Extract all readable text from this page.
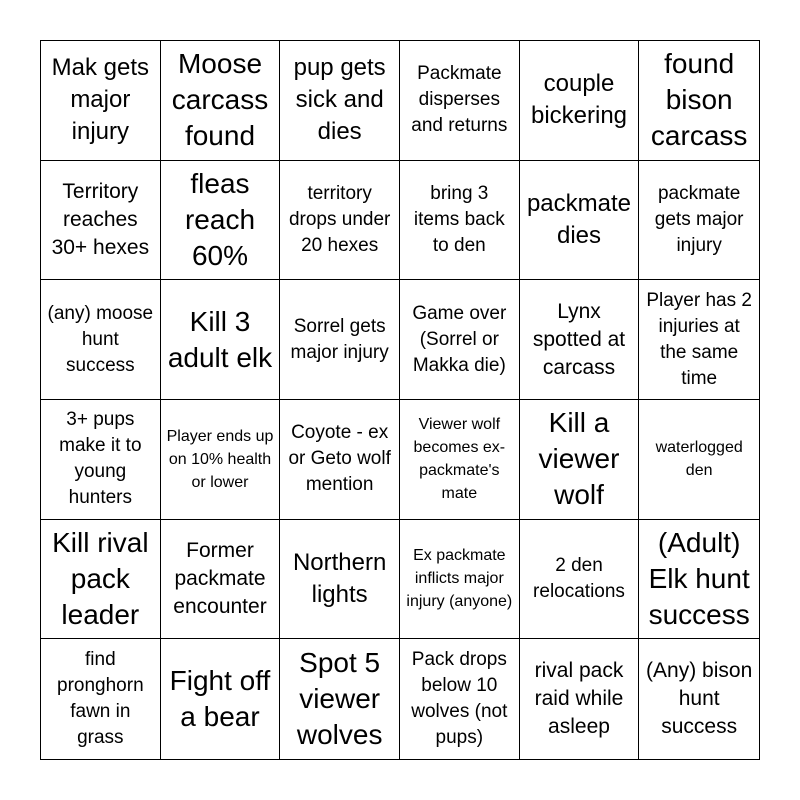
Mak gets major injury
Moose carcass found
pup gets sick and dies
Packmate disperses and returns
couple bickering
found bison carcass
Territory reaches 30+ hexes
fleas reach 60%
territory drops under 20 hexes
bring 3 items back to den
packmate dies
packmate gets major injury
(any) moose hunt success
Kill 3 adult elk
Sorrel gets major injury
Game over (Sorrel or Makka die)
Lynx spotted at carcass
Player has 2 injuries at the same time
3+ pups make it to young hunters
Player ends up on 10% health or lower
Coyote - ex or Geto wolf mention
Viewer wolf becomes ex-packmate's mate
Kill a viewer wolf
waterlogged den
Kill rival pack leader
Former packmate encounter
Northern lights
Ex packmate inflicts major injury (anyone)
2 den relocations
(Adult) Elk hunt success
find pronghorn fawn in grass
Fight off a bear
Spot 5 viewer wolves
Pack drops below 10 wolves (not pups)
rival pack raid while asleep
(Any) bison hunt success
